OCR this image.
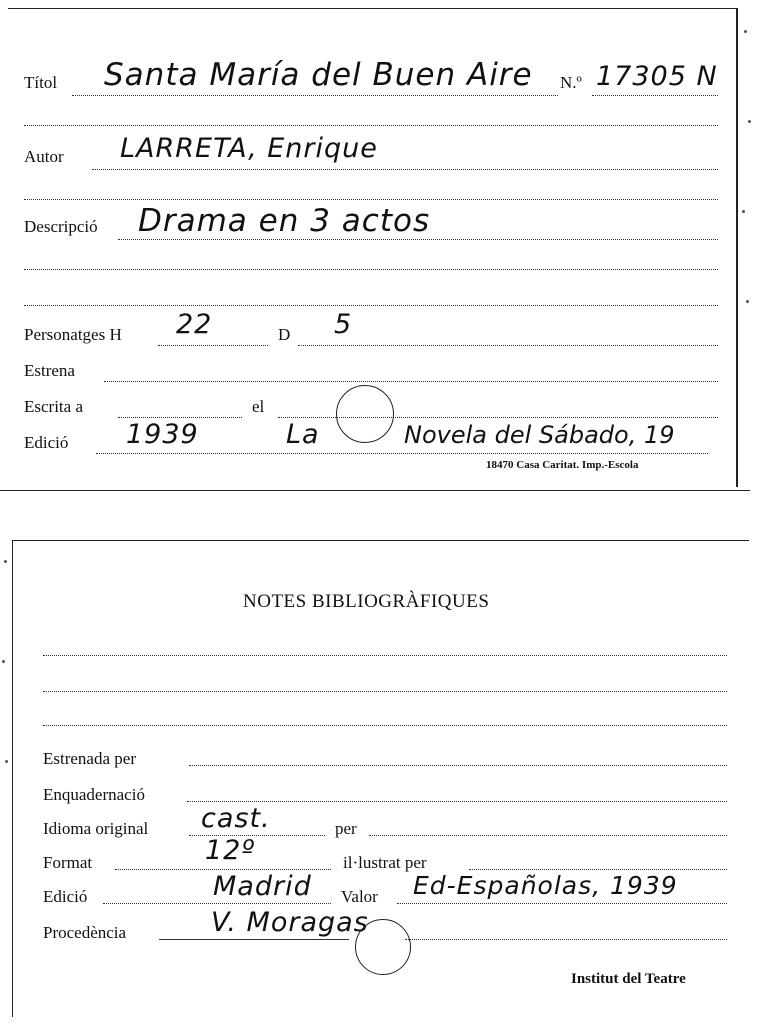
Títol Santa María del Buen Aire N.º 17305 N
Autor LARRETA, Enrique
Descripció Drama en 3 actos
Personatges H 22	D 5
Estrena
Escrita a	el
Edició 1939	La	Novela del Sábado, 19
18470 Casa Caritat. Imp.-Escola
NOTES BIBLIOGRÀFIQUES
Estrenada per
Enquadernació
Idioma original cast.	per
Format	12º	il·lustrat per
Edició	Madrid Valor Ed-Españolas, 1939
Procedència	V. Moragas
Institut del Teatre
